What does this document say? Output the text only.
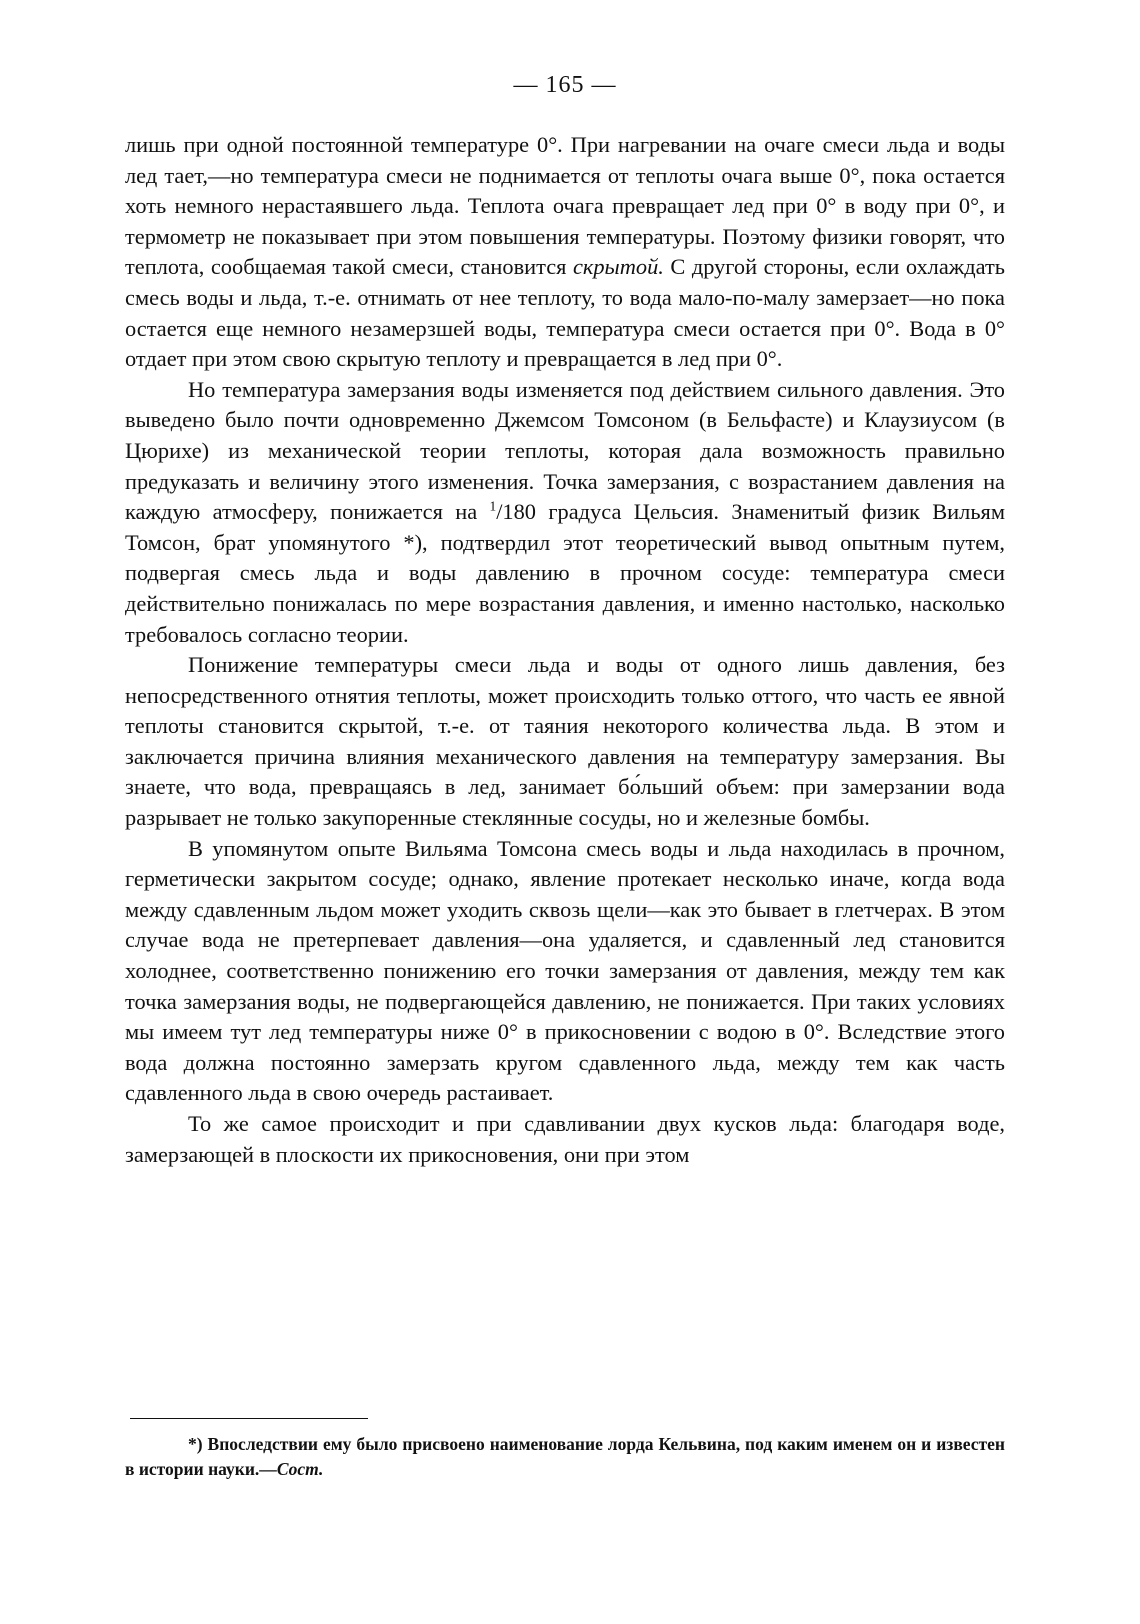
— 165 —

лишь при одной постоянной температуре 0°. При нагревании на очаге смеси льда и воды лед тает,—но температура смеси не поднимается от теплоты очага выше 0°, пока остается хоть немного нерастаявшего льда. Теплота очага превращает лед при 0° в воду при 0°, и термометр не показывает при этом повышения температуры. Поэтому физики говорят, что теплота, сообщаемая такой смеси, становится скрытой. С другой стороны, если охлаждать смесь воды и льда, т.-е. отнимать от нее теплоту, то вода мало-по-малу замерзает—но пока остается еще немного незамерзшей воды, температура смеси остается при 0°. Вода в 0° отдает при этом свою скрытую теплоту и превращается в лед при 0°.

Но температура замерзания воды изменяется под действием сильного давления. Это выведено было почти одновременно Джемсом Томсоном (в Бельфасте) и Клаузиусом (в Цюрихе) из механической теории теплоты, которая дала возможность правильно предуказать и величину этого изменения. Точка замерзания, с возрастанием давления на каждую атмосферу, понижается на $^1$/180 градуса Цельсия. Знаменитый физик Вильям Томсон, брат упомянутого *), подтвердил этот теоретический вывод опытным путем, подвергая смесь льда и воды давлению в прочном сосуде: температура смеси действительно понижалась по мере возрастания давления, и именно настолько, насколько требовалось согласно теории.

Понижение температуры смеси льда и воды от одного лишь давления, без непосредственного отнятия теплоты, может происходить только оттого, что часть ее явной теплоты становится скрытой, т.-е. от таяния некоторого количества льда. В этом и заключается причина влияния механического давления на температуру замерзания. Вы знаете, что вода, превращаясь в лед, занимает бо́льший объем: при замерзании вода разрывает не только закупоренные стеклянные сосуды, но и железные бомбы.

В упомянутом опыте Вильяма Томсона смесь воды и льда находилась в прочном, герметически закрытом сосуде; однако, явление протекает несколько иначе, когда вода между сдавленным льдом может уходить сквозь щели—как это бывает в глетчерах. В этом случае вода не претерпевает давления—она удаляется, и сдавленный лед становится холоднее, соответственно понижению его точки замерзания от давления, между тем как точка замерзания воды, не подвергающейся давлению, не понижается. При таких условиях мы имеем тут лед температуры ниже 0° в прикосновении с водою в 0°. Вследствие этого вода должна постоянно замерзать кругом сдавленного льда, между тем как часть сдавленного льда в свою очередь растаивает.

То же самое происходит и при сдавливании двух кусков льда: благодаря воде, замерзающей в плоскости их прикосновения, они при этом

*) Впоследствии ему было присвоено наименование лорда Кельвина, под каким именем он и известен в истории науки.—Сост.
